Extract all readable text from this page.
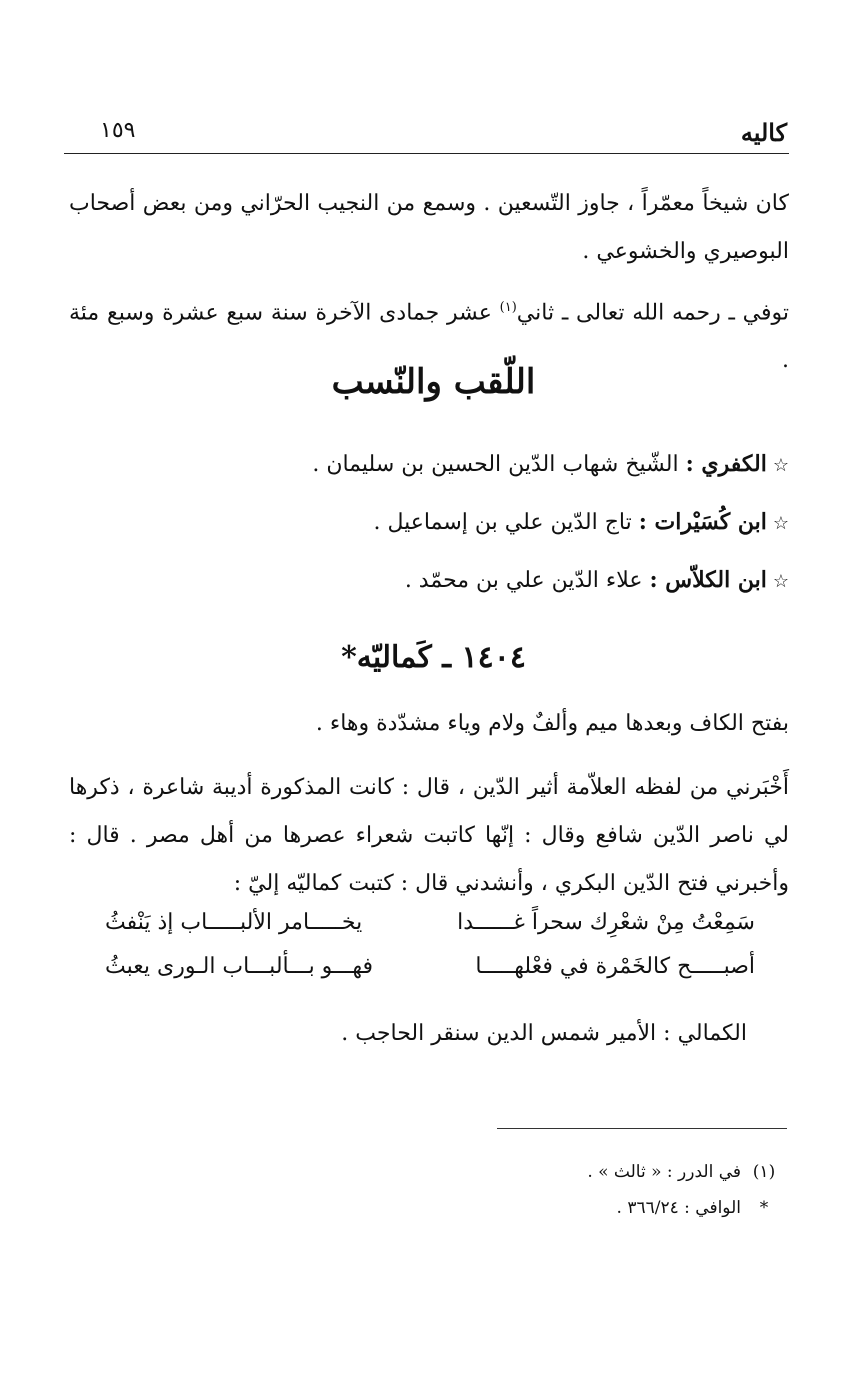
كاليه
١٥٩
كان شيخاً معمّراً ، جاوز التّسعين . وسمع من النجيب الحرّاني ومن بعض أصحاب البوصيري والخشوعي .
توفي ـ رحمه الله تعالى ـ ثاني$^{(١)}$ عشر جمادى الآخرة سنة سبع عشرة وسبع مئة .
اللّقب والنّسب
☆الكفري : الشّيخ شهاب الدّين الحسين بن سليمان .
☆ابن كُسَيْرات : تاج الدّين علي بن إسماعيل .
☆ابن الكلاّس : علاء الدّين علي بن محمّد .
١٤٠٤ ـ كَماليّه*
بفتح الكاف وبعدها ميم وألفٌ ولام وياء مشدّدة وهاء .
أَخْبَرني من لفظه العلاّمة أثير الدّين ، قال : كانت المذكورة أديبة شاعرة ، ذكرها لي ناصر الدّين شافع وقال : إنّها كاتبت شعراء عصرها من أهل مصر . قال : وأخبرني فتح الدّين البكري ، وأنشدني قال : كتبت كماليّه إليّ :
سَمِعْتُ مِنْ شعْرِك سحراً غــــــدا
يخـــــامر الألبـــــاب إذ يَنْفثُ
أصبـــــح كالخَمْرة في فعْلهـــــا
فهـــو بـــألبـــاب الـورى يعبثُ
الكمالي : الأمير شمس الدين سنقر الحاجب .
(١)في الدرر : « ثالث » .
*الوافي : ٣٦٦/٢٤ .
